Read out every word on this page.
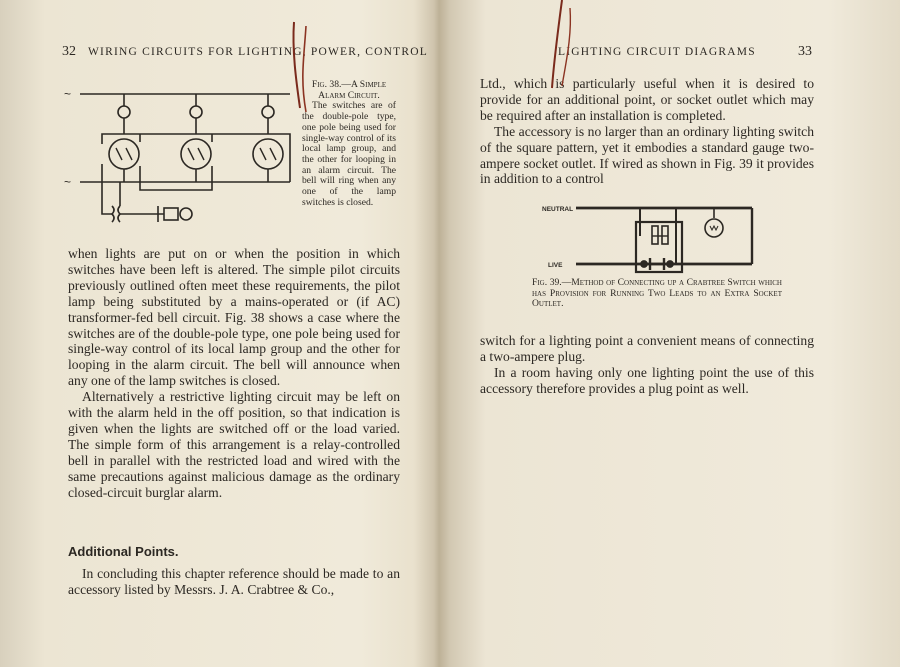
32 WIRING CIRCUITS FOR LIGHTING, POWER, CONTROL
~
~
Fig. 38.—A Simple Alarm Circuit.
The switches are of the double-pole type, one pole being used for single-way control of its local lamp group, and the other for looping in an alarm circuit. The bell will ring when any one of the lamp switches is closed.

when lights are put on or when the position in which switches have been left is altered. The simple pilot circuits previously outlined often meet these requirements, the pilot lamp being substituted by a mains-operated or (if AC) transformer-fed bell circuit. Fig. 38 shows a case where the switches are of the double-pole type, one pole being used for single-way control of its local lamp group and the other for looping in the alarm circuit. The bell will announce when any one of the lamp switches is closed.

Alternatively a restrictive lighting circuit may be left on with the alarm held in the off position, so that indication is given when the lights are switched off or the load varied. The simple form of this arrangement is a relay-controlled bell in parallel with the restricted load and wired with the same precautions against malicious damage as the ordinary closed-circuit burglar alarm.

Additional Points.

In concluding this chapter reference should be made to an accessory listed by Messrs. J. A. Crabtree & Co.,

LIGHTING CIRCUIT DIAGRAMS	33

Ltd., which is particularly useful when it is desired to provide for an additional point, or socket outlet which may be required after an installation is completed.

The accessory is no larger than an ordinary lighting switch of the square pattern, yet it embodies a standard gauge two-ampere socket outlet. If wired as shown in Fig. 39 it provides in addition to a control

NEUTRAL
LIVE
Fig. 39.—Method of Connecting up a Crabtree Switch which has Provision for Running Two Leads to an Extra Socket Outlet.

switch for a lighting point a convenient means of connecting a two-ampere plug.

In a room having only one lighting point the use of this accessory therefore provides a plug point as well.
